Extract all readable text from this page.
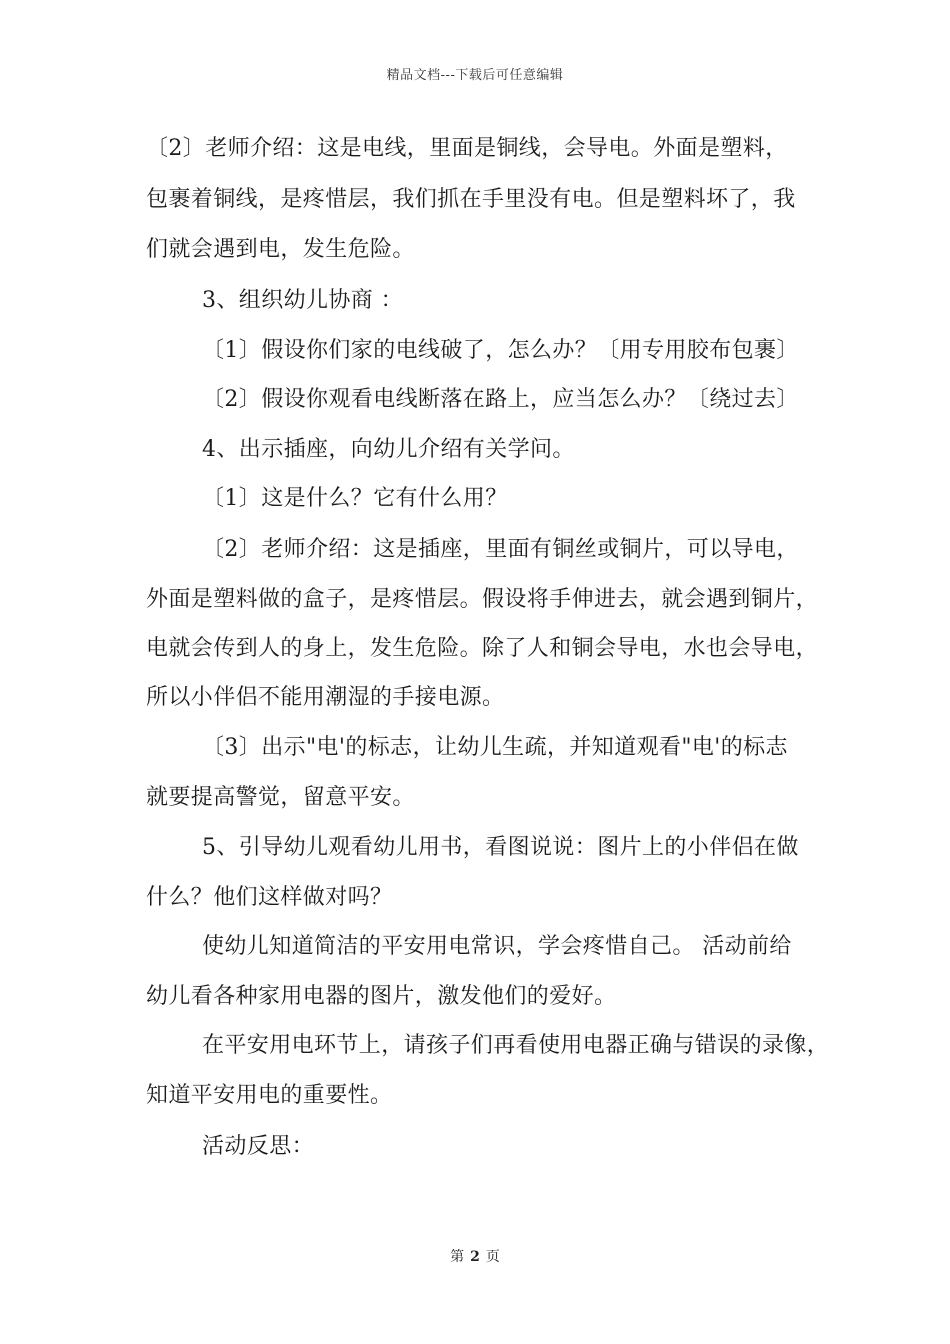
精品文档---下载后可任意编辑
〔2〕老师介绍：这是电线，里面是铜线，会导电。外面是塑料，
包裹着铜线，是疼惜层，我们抓在手里没有电。但是塑料坏了，我
们就会遇到电，发生危险。
3、组织幼儿协商 ：
〔1〕假设你们家的电线破了，怎么办？〔用专用胶布包裹〕
〔2〕假设你观看电线断落在路上，应当怎么办？〔绕过去〕
4、出示插座，向幼儿介绍有关学问。
〔1〕这是什么？它有什么用？
〔2〕老师介绍：这是插座，里面有铜丝或铜片，可以导电，
外面是塑料做的盒子，是疼惜层。假设将手伸进去，就会遇到铜片，
电就会传到人的身上，发生危险。除了人和铜会导电，水也会导电，
所以小伴侣不能用潮湿的手接电源。
〔3〕出示"电'的标志，让幼儿生疏，并知道观看"电'的标志
就要提高警觉，留意平安。
5、引导幼儿观看幼儿用书，看图说说：图片上的小伴侣在做
什么？他们这样做对吗？
使幼儿知道简洁的平安用电常识，学会疼惜自己。 活动前给
幼儿看各种家用电器的图片，激发他们的爱好。
在平安用电环节上，请孩子们再看使用电器正确与错误的录像，
知道平安用电的重要性。
活动反思：
第 2 页
